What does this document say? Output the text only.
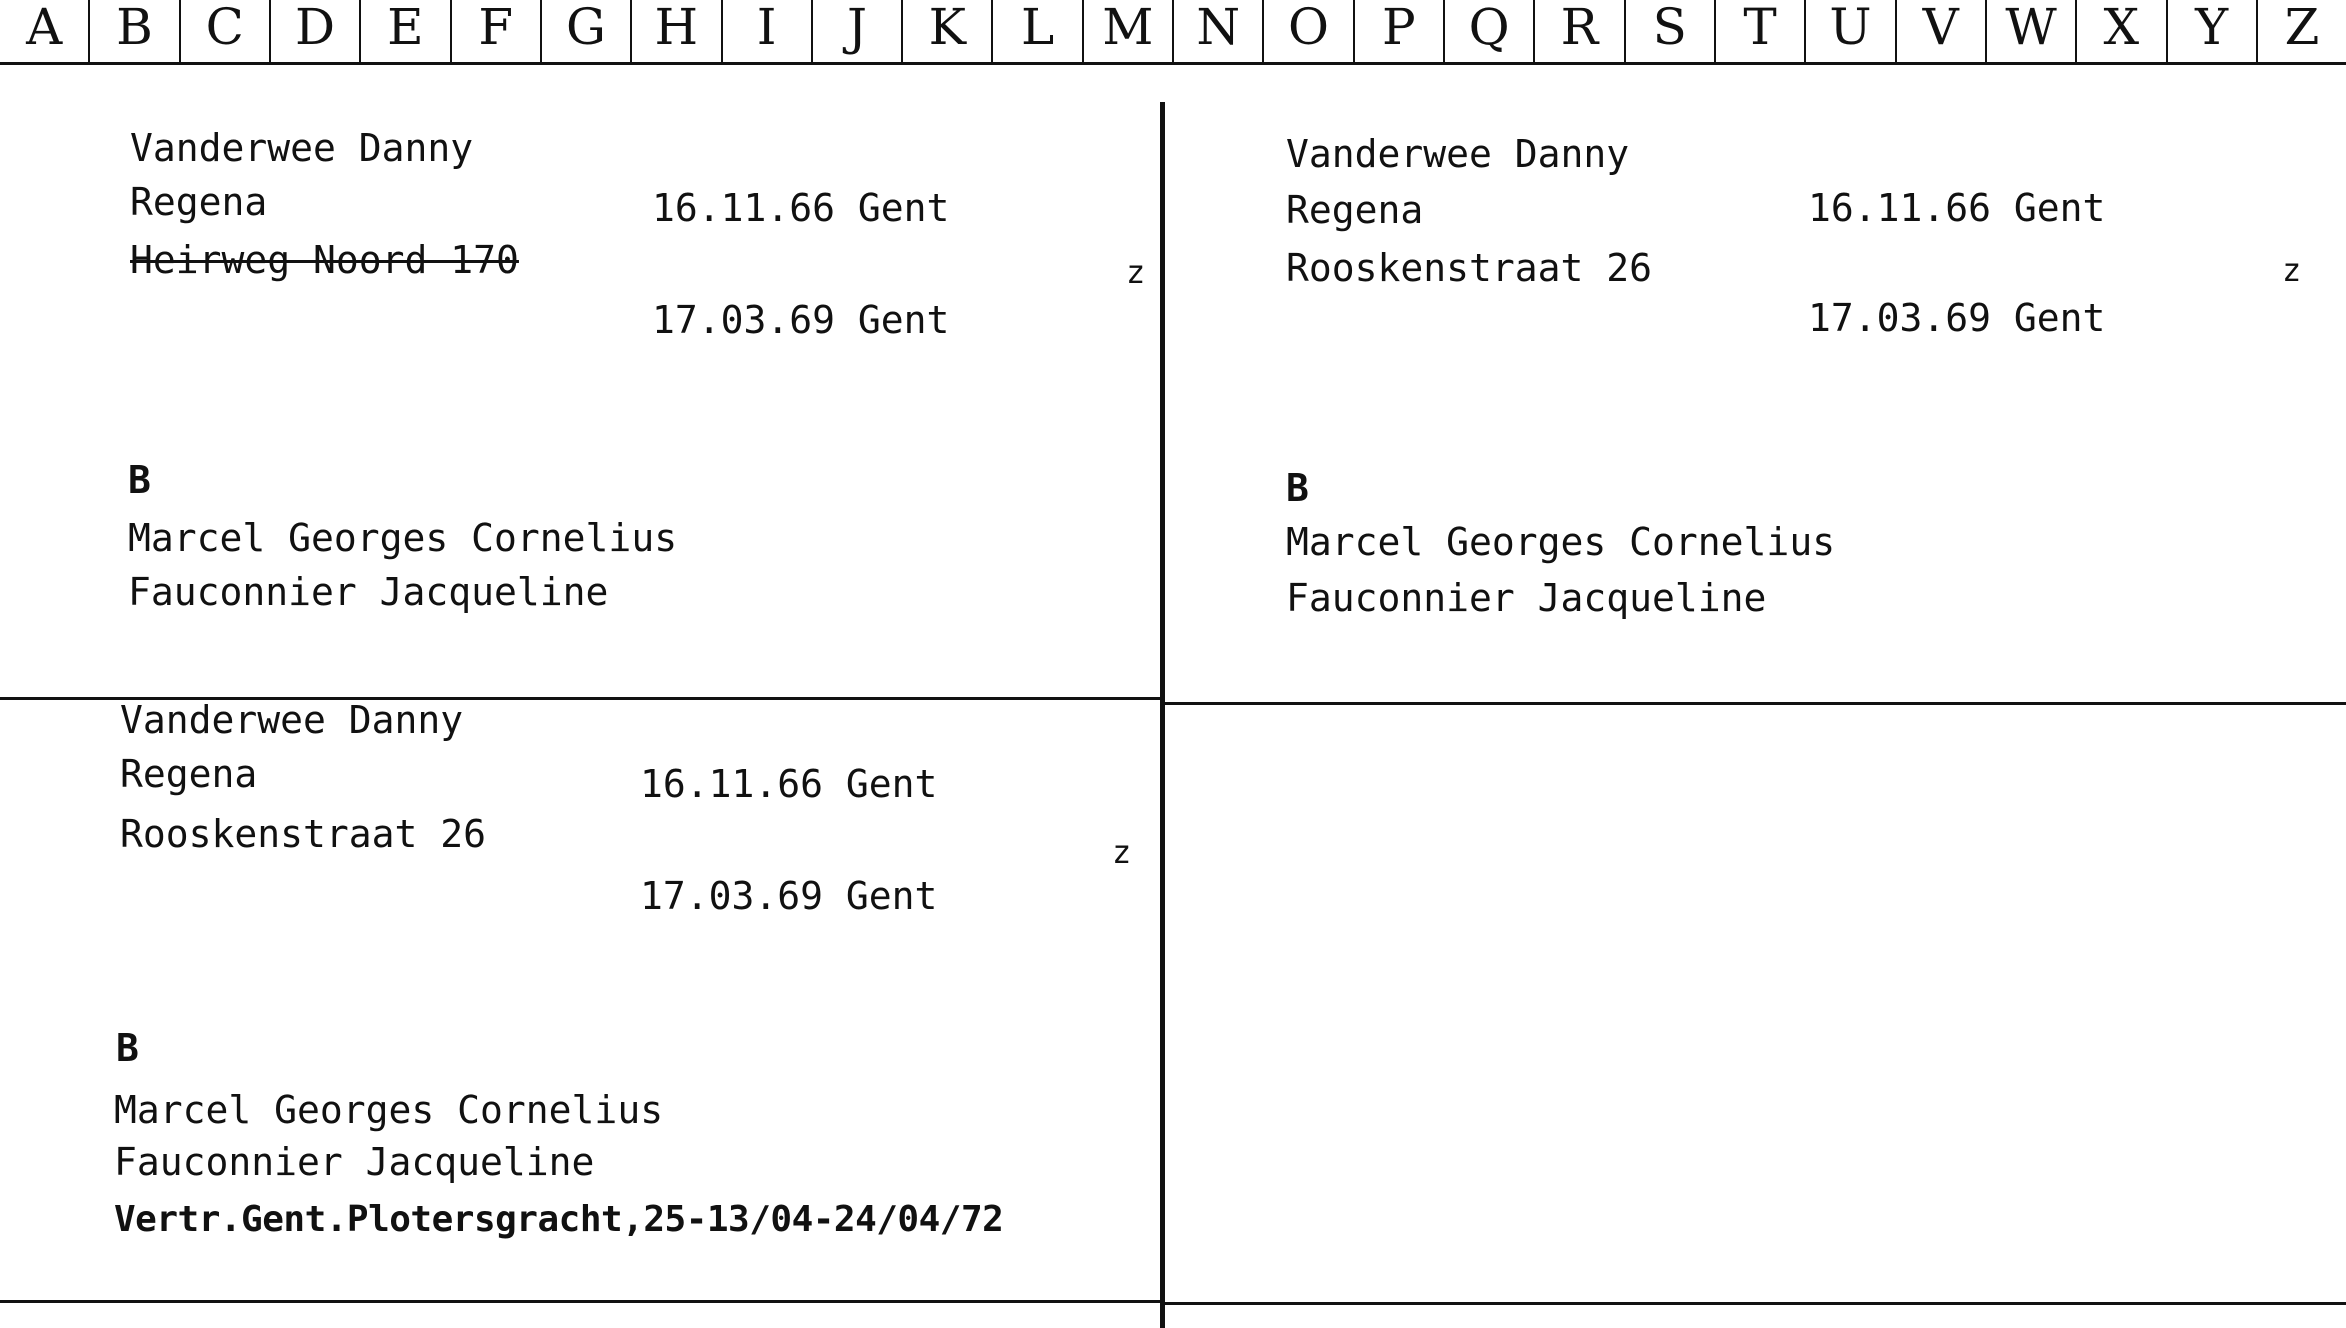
A	B	C	D	E	F	G H	I	J	K	L M N O	P	Q	R	S	T	U	V W X	Y	Z
Vanderwee Danny
Regena
Heirweg Noord 170
16.11.66 Gent
17.03.69 Gent
z
B
Marcel Georges Cornelius
Fauconnier Jacqueline
Vanderwee Danny
Regena
Rooskenstraat 26
16.11.66 Gent
17.03.69 Gent
z
B
Marcel Georges Cornelius
Fauconnier Jacqueline
Vanderwee Danny
Regena
Rooskenstraat 26
16.11.66 Gent
17.03.69 Gent
z
B
Marcel Georges Cornelius
Fauconnier Jacqueline
Vertr.Gent.Plotersgracht,25-13/04-24/04/72
